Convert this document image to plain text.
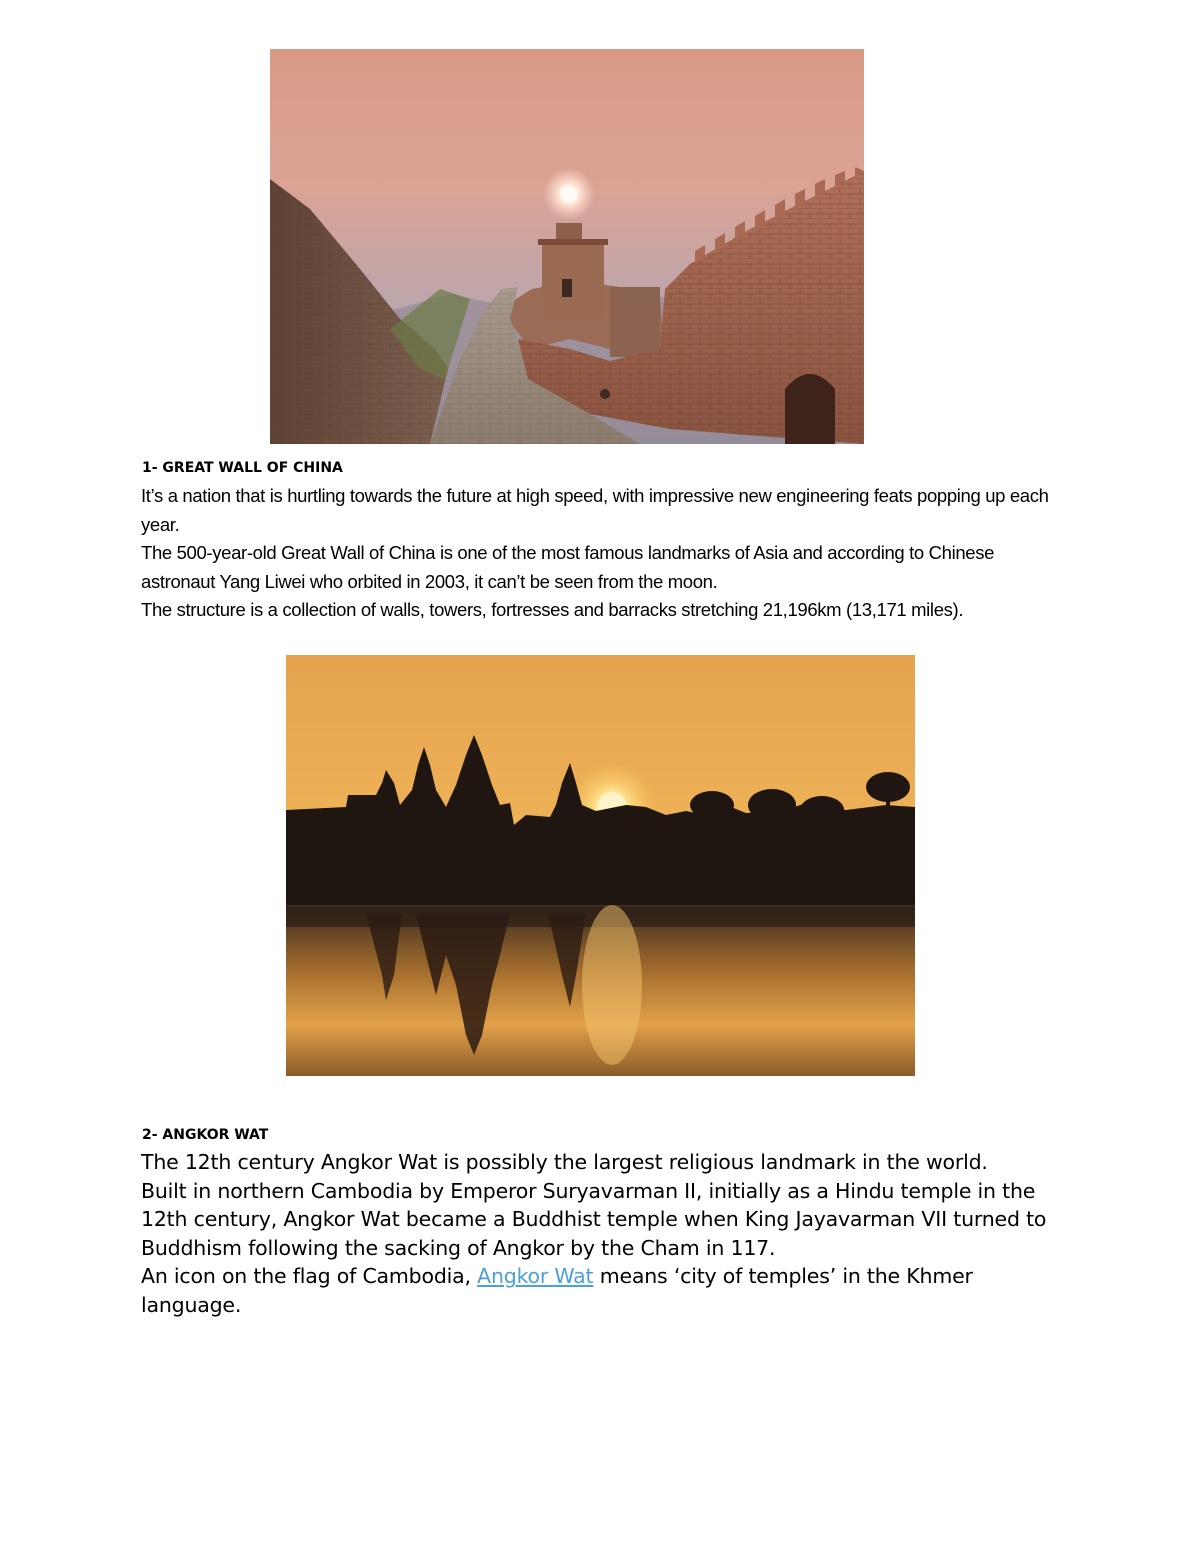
1- GREAT WALL OF CHINA

It’s a nation that is hurtling towards the future at high speed, with impressive new engineering feats popping up each year.

The 500-year-old Great Wall of China is one of the most famous landmarks of Asia and according to Chinese astronaut Yang Liwei who orbited in 2003, it can’t be seen from the moon.

The structure is a collection of walls, towers, fortresses and barracks stretching 21,196km (13,171 miles).

2- ANGKOR WAT

The 12th century Angkor Wat is possibly the largest religious landmark in the world.

Built in northern Cambodia by Emperor Suryavarman II, initially as a Hindu temple in the 12th century, Angkor Wat became a Buddhist temple when King Jayavarman VII turned to Buddhism following the sacking of Angkor by the Cham in 117.

An icon on the flag of Cambodia, Angkor Wat means ‘city of temples’ in the Khmer language.
